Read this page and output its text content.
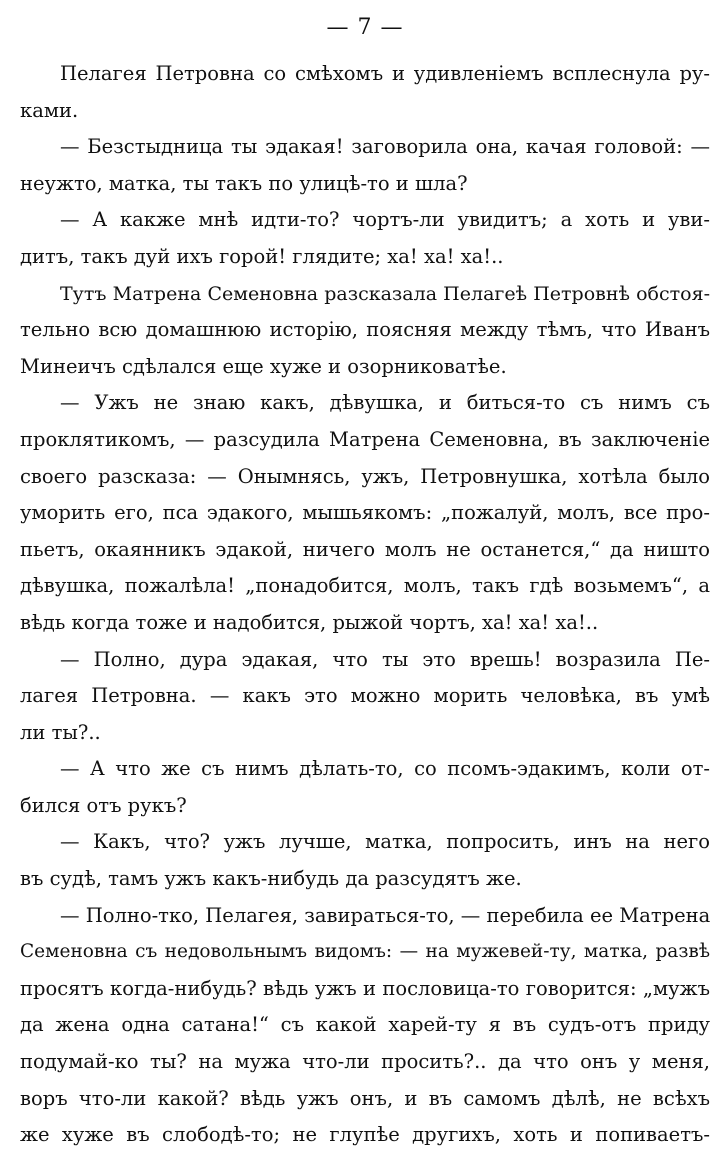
— 7 —
Пелагея Петровна со смѣхомъ и удивленіемъ всплеснула ру-
ками.
— Безстыдница ты эдакая! заговорила она, качая головой: —
неужто, матка, ты такъ по улицѣ-то и шла?
— А какже мнѣ идти-то? чортъ-ли увидитъ; а хоть и уви-
дитъ, такъ дуй ихъ горой! глядите; ха! ха! ха!..
Тутъ Матрена Семеновна разсказала Пелагеѣ Петровнѣ обстоя-
тельно всю домашнюю исторію, поясняя между тѣмъ, что Иванъ
Минеичъ сдѣлался еще хуже и озорниковатѣе.
— Ужъ не знаю какъ, дѣвушка, и биться-то съ нимъ съ
проклятикомъ, — разсудила Матрена Семеновна, въ заключеніе
своего разсказа: — Онымнясь, ужъ, Петровнушка, хотѣла было
уморить его, пса эдакого, мышьякомъ: „пожалуй, молъ, все про-
пьетъ, окаянникъ эдакой, ничего молъ не останется,“ да ништо
дѣвушка, пожалѣла! „понадобится, молъ, такъ гдѣ возьмемъ“, а
вѣдь когда тоже и надобится, рыжой чортъ, ха! ха! ха!..
— Полно, дура эдакая, что ты это врешь! возразила Пе-
лагея Петровна. — какъ это можно морить человѣка, въ умѣ
ли ты?..
— А что же съ нимъ дѣлать-то, со псомъ-эдакимъ, коли от-
бился отъ рукъ?
— Какъ, что? ужъ лучше, матка, попросить, инъ на него
въ судѣ, тамъ ужъ какъ-нибудь да разсудятъ же.
— Полно-тко, Пелагея, завираться-то, — перебила ее Матрена
Семеновна съ недовольнымъ видомъ: — на мужевей-ту, матка, развѣ
просятъ когда-нибудь? вѣдь ужъ и пословица-то говорится: „мужъ
да жена одна сатана!“ съ какой харей-ту я въ судъ-отъ приду
подумай-ко ты? на мужа что-ли просить?.. да что онъ у меня,
воръ что-ли какой? вѣдь ужъ онъ, и въ самомъ дѣлѣ, не всѣхъ
же хуже въ слободѣ-то; не глупѣе другихъ, хоть и попиваетъ-
